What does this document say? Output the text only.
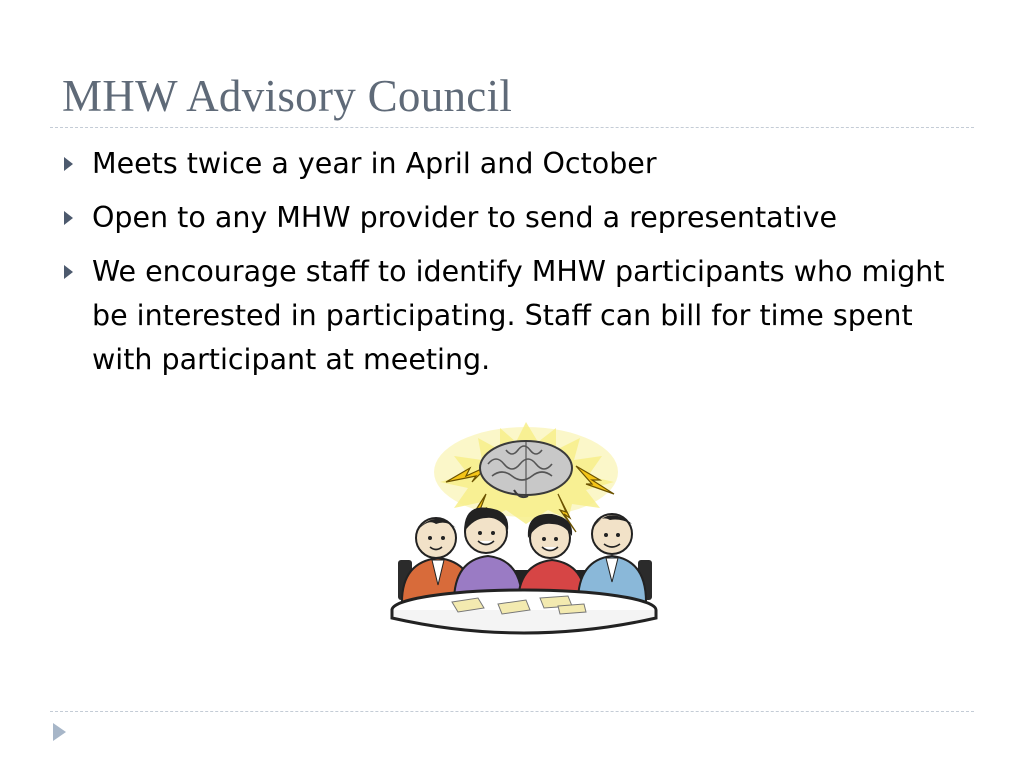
MHW Advisory Council
Meets twice a year in April and October
Open to any MHW provider to send a representative
We encourage staff to identify MHW participants who might be interested in participating. Staff can bill for time spent with participant at meeting.
